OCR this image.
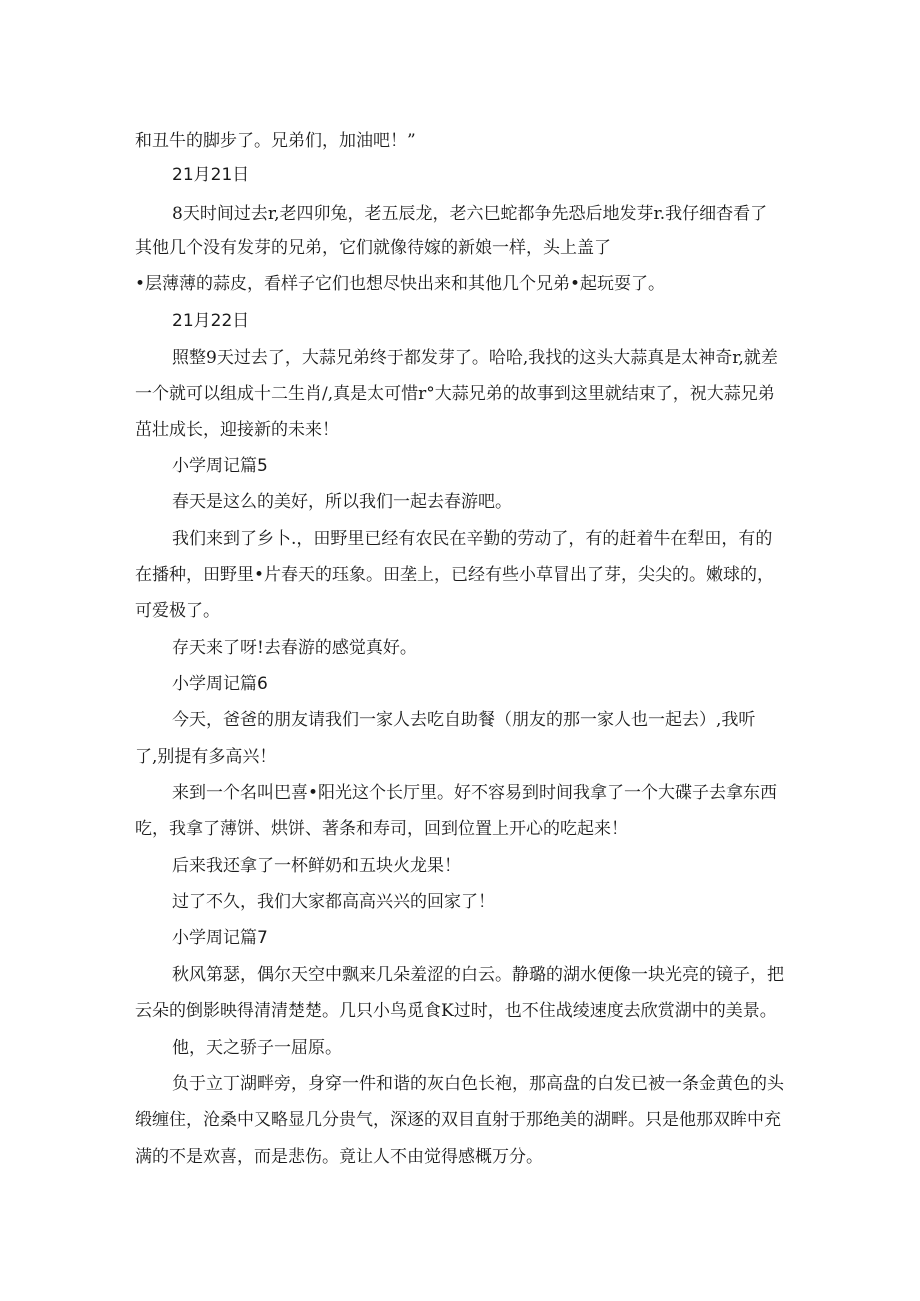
和丑牛的脚步了。兄弟们，加油吧！”
21月21日
8天时间过去r,老四卯兔，老五辰龙，老六巳蛇都争先恐后地发芽r.我仔细杳看了
其他几个没有发芽的兄弟，它们就像待嫁的新娘一样，头上盖了
•层薄薄的蒜皮，看样子它们也想尽快出来和其他几个兄弟•起玩耍了。
21月22日
照整9天过去了，大蒜兄弟终于都发芽了。哈哈,我找的这头大蒜真是太神奇r,就差
一个就可以组成十二生肖/,真是太可惜r°大蒜兄弟的故事到这里就结束了，祝大蒜兄弟
茁壮成长，迎接新的未来！
小学周记篇5
春天是这么的美好，所以我们一起去春游吧。
我们来到了乡卜.，田野里已经有农民在辛勤的劳动了，有的赶着牛在犁田，有的
在播种，田野里•片春天的珏象。田垄上，已经有些小草冒出了芽，尖尖的。嫩球的，
可爱极了。
存天来了呀!去春游的感觉真好。
小学周记篇6
今天，爸爸的朋友请我们一家人去吃自助餐（朋友的那一家人也一起去）,我听
了,别提有多高兴！
来到一个名叫巴喜•阳光这个长厅里。好不容易到时间我拿了一个大碟子去拿东西
吃，我拿了薄饼、烘饼、著条和寿司，回到位置上开心的吃起来！
后来我还拿了一杯鲜奶和五块火龙果！
过了不久，我们大家都高高兴兴的回家了！
小学周记篇7
秋风第瑟，偶尔天空中飘来几朵羞涩的白云。静璐的湖水便像一块光亮的镜子，把
云朵的倒影映得清清楚楚。几只小鸟觅食K过时，也不住战绫速度去欣赏湖中的美景。
他，天之骄子一屈原。
负于立丁湖畔旁，身穿一件和谐的灰白色长袍，那高盘的白发已被一条金黄色的头
缎缠住，沧桑中又略显几分贵气，深逐的双目直射于那绝美的湖畔。只是他那双眸中充
满的不是欢喜，而是悲伤。竟让人不由觉得感概万分。
